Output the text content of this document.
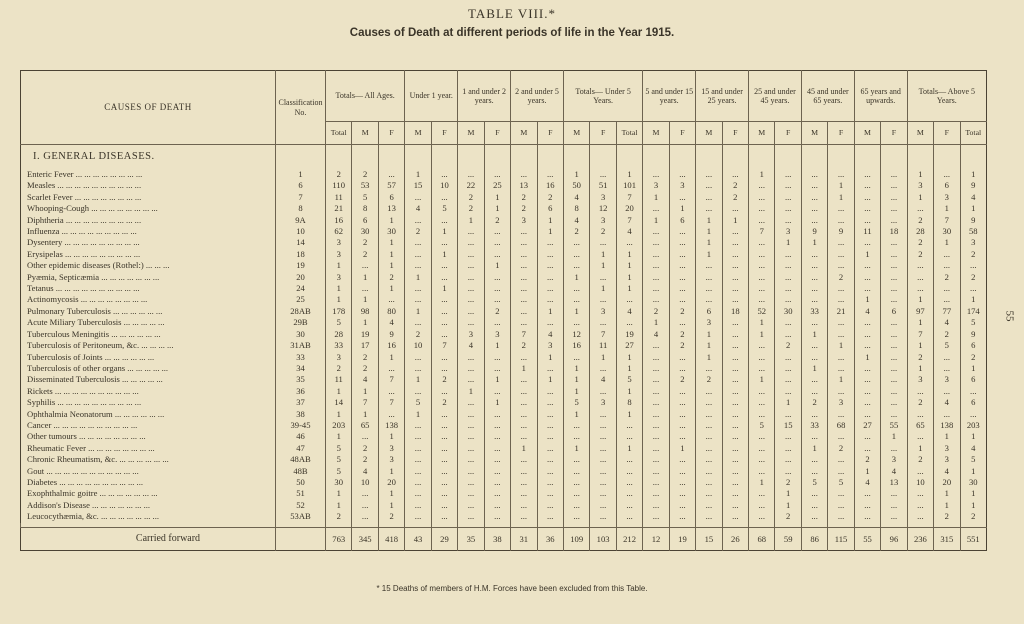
TABLE VIII.*
Causes of Death at different periods of life in the Year 1915.
55
CAUSES OF DEATH	Classification No.	Totals— All Ages.			Under 1 year.		1 and under 2 years.		2 and under 5 years.		Totals— Under 5 Years.			5 and under 15 years.		15 and under 25 years.		25 and under 45 years.		45 and under 65 years.		65 years and upwards.		Totals— Above 5 Years.		
		Total	M	F	M	F	M	F	M	F	M	F	Total	M	F	M	F	M	F	M	F	M	F	M	F	Total
I. GENERAL DISEASES.																										
Enteric Fever ... ... ... ... ... ... ... ...	1	2	2	...	1	...	...	...	...	...	1	...	1	...	...	...	...	1	...	...	...	...	...	1	...	1
Measles ... ... ... ... ... ... ... ... ... ...	6	110	53	57	15	10	22	25	13	16	50	51	101	3	3	...	2	...	...	...	1	...	...	3	6	9
Scarlet Fever ... ... ... ... ... ... ... ...	7	11	5	6	...	...	2	1	2	2	4	3	7	1	...	...	2	...	...	...	1	...	...	1	3	4
Whooping-Cough ... ... ... ... ... ... ... ...	8	21	8	13	4	5	2	1	2	6	8	12	20	...	1	...	...	...	...	...	...	...	...	...	1	1
Diphtheria ... ... ... ... ... ... ... ... ...	9A	16	6	1	...	...	1	2	3	1	4	3	7	1	6	1	1	...	...	...	...	...	...	2	7	9
Influenza ... ... ... ... ... ... ... ... ...	10	62	30	30	2	1	...	...	...	1	2	2	4	...	...	1	...	7	3	9	9	11	18	28	30	58
Dysentery ... ... ... ... ... ... ... ... ...	14	3	2	1	...	...	...	...	...	...	...	...	...	...	...	1	...	...	1	1	...	...	...	2	1	3
Erysipelas ... ... ... ... ... ... ... ... ...	18	3	2	1	...	1	...	...	...	...	...	1	1	...	...	1	...	...	...	...	...	1	...	2	...	2
Other epidemic diseases (Rothel:) ... ... ...	19	1	...	1	...	...	...	1	...	...	...	1	1	...	...	...	...	...	...	...	...	...	...	...	...	...
Pyæmia, Septicæmia ... ... ... ... ... ... ...	20	3	1	2	1	...	...	...	...	...	1	...	1	...	...	...	...	...	...	...	2	...	...	...	2	2
Tetanus ... ... ... ... ... ... ... ... ... ...	24	1	...	1	...	1	...	...	...	...	...	1	1	...	...	...	...	...	...	...	...	...	...	...	...	...
Actinomycosis ... ... ... ... ... ... ... ...	25	1	1	...	...	...	...	...	...	...	...	...	...	...	...	...	...	...	...	...	...	1	...	1	...	1
Pulmonary Tuberculosis ... ... ... ... ... ...	28AB	178	98	80	1	...	...	2	...	1	1	3	4	2	2	6	18	52	30	33	21	4	6	97	77	174
Acute Miliary Tuberculosis ... ... ... ... ...	29B	5	1	4	...	...	...	...	...	...	...	...	...	1	...	3	...	1	...	...	...	...	...	1	4	5
Tuberculous Meningitis ... ... ... ... ... ...	30	28	19	9	2	...	3	3	7	4	12	7	19	4	2	1	...	1	...	1	...	...	...	7	2	9
Tuberculosis of Peritoneum, &c. ... ... ... ...	31AB	33	17	16	10	7	4	1	2	3	16	11	27	...	2	1	...	...	2	...	1	...	...	1	5	6
Tuberculosis of Joints ... ... ... ... ... ...	33	3	2	1	...	...	...	...	...	1	...	1	1	...	...	1	...	...	...	...	...	1	...	2	...	2
Tuberculosis of other organs ... ... ... ... ...	34	2	2	...	...	...	...	...	1	...	1	...	1	...	...	...	...	...	...	1	...	...	...	1	...	1
Disseminated Tuberculosis ... ... ... ... ...	35	11	4	7	1	2	...	1	...	1	1	4	5	...	2	2	...	1	...	...	1	...	...	3	3	6
Rickets ... ... ... ... ... ... ... ... ... ...	36	1	1	...	...	...	1	...	...	...	1	...	1	...	...	...	...	...	...	...	...	...	...	...	...	...
Syphilis ... ... ... ... ... ... ... ... ... ...	37	14	7	7	5	2	...	1	...	...	5	3	8	...	...	...	...	...	1	2	3	...	...	2	4	6
Ophthalmia Neonatorum ... ... ... ... ... ...	38	1	1	...	1	...	...	...	...	...	1	...	1	...	...	...	...	...	...	...	...	...	...	...	...	...
Cancer ... ... ... ... ... ... ... ... ... ...	39-45	203	65	138	...	...	...	...	...	...	...	...	...	...	...	...	...	5	15	33	68	27	55	65	138	203
Other tumours ... ... ... ... ... ... ... ...	46	1	...	1	...	...	...	...	...	...	...	...	...	...	...	...	...	...	...	...	...	...	1	...	1	1
Rheumatic Fever ... ... ... ... ... ... ... ...	47	5	2	3	...	...	...	...	1	...	1	...	1	...	1	...	...	...	...	1	2	...	...	1	3	4
Chronic Rheumatism, &c. ... ... ... ... ... ...	48AB	5	2	3	...	...	...	...	...	...	...	...	...	...	...	...	...	...	...	...	...	2	3	2	3	5
Gout ... ... ... ... ... ... ... ... ... ... ...	48B	5	4	1	...	...	...	...	...	...	...	...	...	...	...	...	...	...	...	...	...	1	4	...	4	1
Diabetes ... ... ... ... ... ... ... ... ... ...	50	30	10	20	...	...	...	...	...	...	...	...	...	...	...	...	...	1	2	5	5	4	13	10	20	30
Exophthalmic goitre ... ... ... ... ... ... ...	51	1	...	1	...	...	...	...	...	...	...	...	...	...	...	...	...	...	1	...	...	...	...	...	1	1
Addison's Disease ... ... ... ... ... ... ...	52	1	...	1	...	...	...	...	...	...	...	...	...	...	...	...	...	...	1	...	...	...	...	...	1	1
Leucocythæmia, &c. ... ... ... ... ... ... ...	53AB	2	...	2	...	...	...	...	...	...	...	...	...	...	...	...	...	...	2	...	...	...	...	...	2	2

Carried forward		763	345	418	43	29	35	38	31	36	109	103	212	12	19	15	26	68	59	86	115	55	96	236	315	551
* 15 Deaths of members of H.M. Forces have been excluded from this Table.
